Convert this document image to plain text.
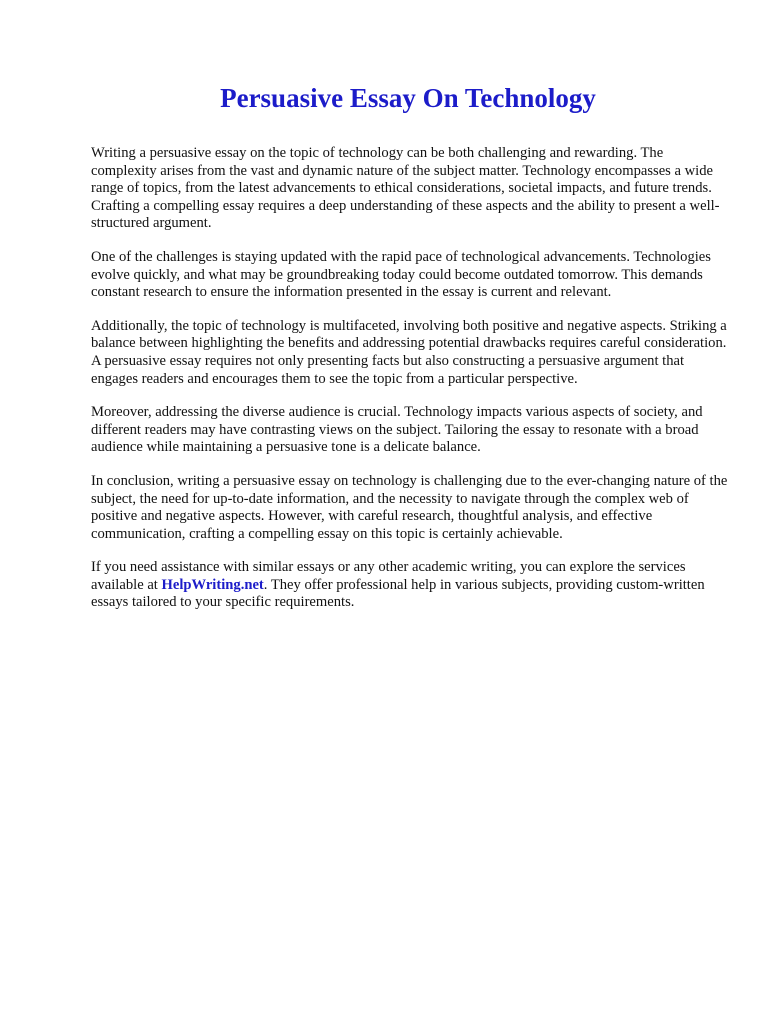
Persuasive Essay On Technology

Writing a persuasive essay on the topic of technology can be both challenging and rewarding. The complexity arises from the vast and dynamic nature of the subject matter. Technology encompasses a wide range of topics, from the latest advancements to ethical considerations, societal impacts, and future trends. Crafting a compelling essay requires a deep understanding of these aspects and the ability to present a well-structured argument.

One of the challenges is staying updated with the rapid pace of technological advancements. Technologies evolve quickly, and what may be groundbreaking today could become outdated tomorrow. This demands constant research to ensure the information presented in the essay is current and relevant.

Additionally, the topic of technology is multifaceted, involving both positive and negative aspects. Striking a balance between highlighting the benefits and addressing potential drawbacks requires careful consideration. A persuasive essay requires not only presenting facts but also constructing a persuasive argument that engages readers and encourages them to see the topic from a particular perspective.

Moreover, addressing the diverse audience is crucial. Technology impacts various aspects of society, and different readers may have contrasting views on the subject. Tailoring the essay to resonate with a broad audience while maintaining a persuasive tone is a delicate balance.

In conclusion, writing a persuasive essay on technology is challenging due to the ever-changing nature of the subject, the need for up-to-date information, and the necessity to navigate through the complex web of positive and negative aspects. However, with careful research, thoughtful analysis, and effective communication, crafting a compelling essay on this topic is certainly achievable.

If you need assistance with similar essays or any other academic writing, you can explore the services available at HelpWriting.net. They offer professional help in various subjects, providing custom-written essays tailored to your specific requirements.
